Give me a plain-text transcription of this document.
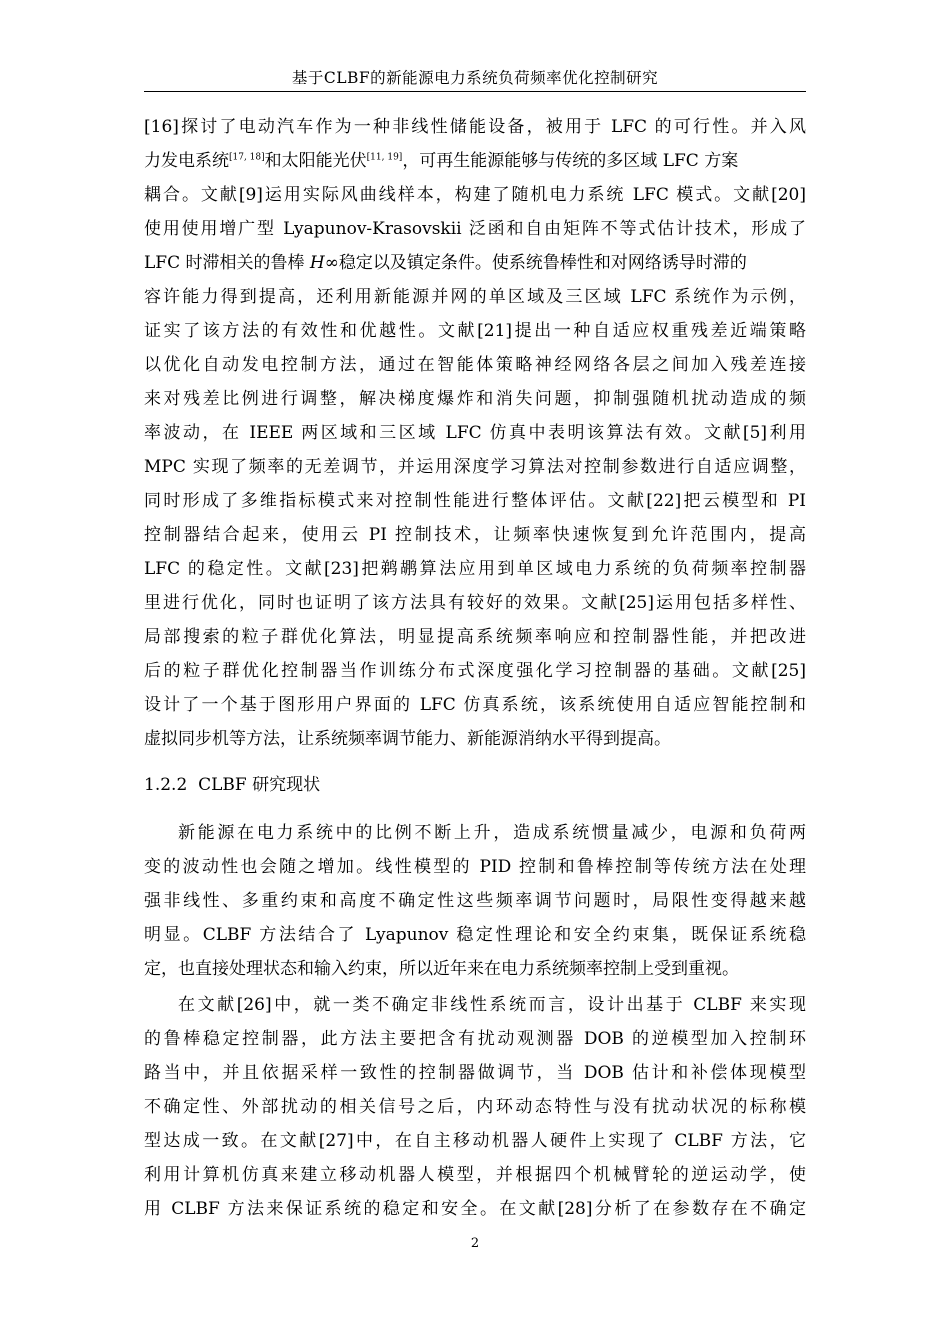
基于CLBF的新能源电力系统负荷频率优化控制研究
[16]探讨了电动汽车作为一种非线性储能设备，被用于 LFC 的可行性。并入风
力发电系统[17, 18]和太阳能光伏[11, 19]，可再生能源能够与传统的多区域 LFC 方案
耦合。文献[9]运用实际风曲线样本，构建了随机电力系统 LFC 模式。文献[20]
使用使用增广型 Lyapunov-Krasovskii 泛函和自由矩阵不等式估计技术，形成了
LFC 时滞相关的鲁棒 H∞稳定以及镇定条件。使系统鲁棒性和对网络诱导时滞的
容许能力得到提高，还利用新能源并网的单区域及三区域 LFC 系统作为示例，
证实了该方法的有效性和优越性。文献[21]提出一种自适应权重残差近端策略
以优化自动发电控制方法，通过在智能体策略神经网络各层之间加入残差连接
来对残差比例进行调整，解决梯度爆炸和消失问题，抑制强随机扰动造成的频
率波动，在 IEEE 两区域和三区域 LFC 仿真中表明该算法有效。文献[5]利用
MPC 实现了频率的无差调节，并运用深度学习算法对控制参数进行自适应调整，
同时形成了多维指标模式来对控制性能进行整体评估。文献[22]把云模型和 PI
控制器结合起来，使用云 PI 控制技术，让频率快速恢复到允许范围内，提高
LFC 的稳定性。文献[23]把鹈鹕算法应用到单区域电力系统的负荷频率控制器
里进行优化，同时也证明了该方法具有较好的效果。文献[25]运用包括多样性、
局部搜索的粒子群优化算法，明显提高系统频率响应和控制器性能，并把改进
后的粒子群优化控制器当作训练分布式深度强化学习控制器的基础。文献[25]
设计了一个基于图形用户界面的 LFC 仿真系统，该系统使用自适应智能控制和
虚拟同步机等方法，让系统频率调节能力、新能源消纳水平得到提高。
1.2.2 CLBF 研究现状
新能源在电力系统中的比例不断上升，造成系统惯量减少，电源和负荷两
变的波动性也会随之增加。线性模型的 PID 控制和鲁棒控制等传统方法在处理
强非线性、多重约束和高度不确定性这些频率调节问题时，局限性变得越来越
明显。CLBF 方法结合了 Lyapunov 稳定性理论和安全约束集，既保证系统稳
定，也直接处理状态和输入约束，所以近年来在电力系统频率控制上受到重视。
在文献[26]中，就一类不确定非线性系统而言，设计出基于 CLBF 来实现
的鲁棒稳定控制器，此方法主要把含有扰动观测器 DOB 的逆模型加入控制环
路当中，并且依据采样一致性的控制器做调节，当 DOB 估计和补偿体现模型
不确定性、外部扰动的相关信号之后，内环动态特性与没有扰动状况的标称模
型达成一致。在文献[27]中，在自主移动机器人硬件上实现了 CLBF 方法，它
利用计算机仿真来建立移动机器人模型，并根据四个机械臂轮的逆运动学，使
用 CLBF 方法来保证系统的稳定和安全。在文献[28]分析了在参数存在不确定
2
